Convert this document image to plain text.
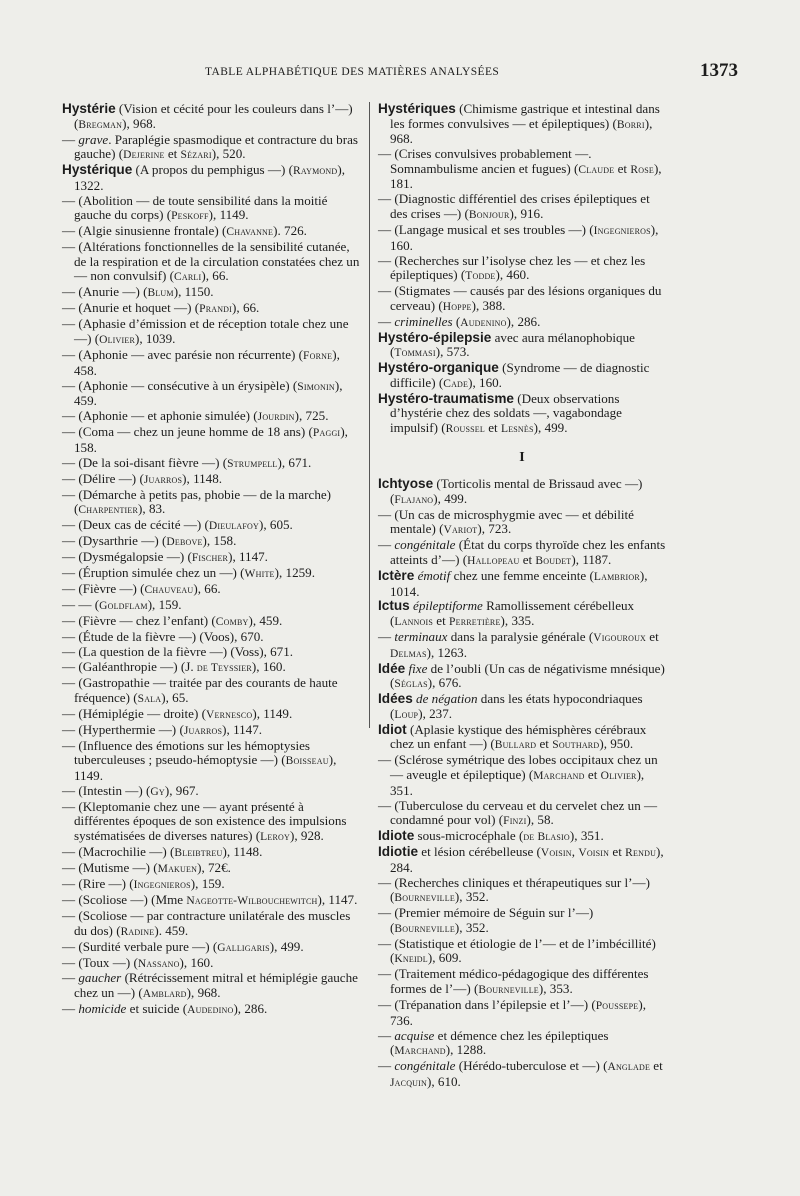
TABLE ALPHABÉTIQUE DES MATIÈRES ANALYSÉES	1373
Hystérie (Vision et cécité pour les couleurs dans l’—) (Bregman), 968.
— grave. Paraplégie spasmodique et contracture du bras gauche) (Dejerine et Sézari), 520.
Hystérique (A propos du pemphigus —) (Raymond), 1322.
— (Abolition — de toute sensibilité dans la moitié gauche du corps) (Peskoff), 1149.
— (Algie sinusienne frontale) (Chavanne). 726.
— (Altérations fonctionnelles de la sensibilité cutanée, de la respiration et de la circulation constatées chez un — non convulsif) (Carli), 66.
— (Anurie —) (Blum), 1150.
— (Anurie et hoquet —) (Prandi), 66.
— (Aphasie d’émission et de réception totale chez une —) (Olivier), 1039.
— (Aphonie — avec parésie non récurrente) (Forne), 458.
— (Aphonie — consécutive à un érysipèle) (Simonin), 459.
— (Aphonie — et aphonie simulée) (Jourdin), 725.
— (Coma — chez un jeune homme de 18 ans) (Paggi), 158.
— (De la soi-disant fièvre —) (Strumpell), 671.
— (Délire —) (Juarros), 1148.
— (Démarche à petits pas, phobie — de la marche) (Charpentier), 83.
— (Deux cas de cécité —) (Dieulafoy), 605.
— (Dysarthrie —) (Debove), 158.
— (Dysmégalopsie —) (Fischer), 1147.
— (Éruption simulée chez un —) (White), 1259.
— (Fièvre —) (Chauveau), 66.
— — (Goldflam), 159.
— (Fièvre — chez l’enfant) (Comby), 459.
— (Étude de la fièvre —) (Voos), 670.
— (La question de la fièvre —) (Voss), 671.
— (Galéanthropie —) (J. de Teyssier), 160.
— (Gastropathie — traitée par des courants de haute fréquence) (Sala), 65.
— (Hémiplégie — droite) (Vernesco), 1149.
— (Hyperthermie —) (Juarros), 1147.
— (Influence des émotions sur les hémoptysies tuberculeuses ; pseudo-hémoptysie —) (Boisseau), 1149.
— (Intestin —) (Gy), 967.
— (Kleptomanie chez une — ayant présenté à différentes époques de son existence des impulsions systématisées de diverses natures) (Leroy), 928.
— (Macrochilie —) (Bleibtreu), 1148.
— (Mutisme —) (Makuen), 72€.
— (Rire —) (Ingegnieros), 159.
— (Scoliose —) (Mme Nageotte-Wilbouchewitch), 1147.
— (Scoliose — par contracture unilatérale des muscles du dos) (Radine). 459.
— (Surdité verbale pure —) (Galligaris), 499.
— (Toux —) (Nassano), 160.
— gaucher (Rétrécissement mitral et hémiplégie gauche chez un —) (Amblard), 968.
— homicide et suicide (Audedino), 286.
Hystériques (Chimisme gastrique et intestinal dans les formes convulsives — et épileptiques) (Borri), 968.
— (Crises convulsives probablement —. Somnambulisme ancien et fugues) (Claude et Rose), 181.
— (Diagnostic différentiel des crises épileptiques et des crises —) (Bonjour), 916.
— (Langage musical et ses troubles —) (Ingegnieros), 160.
— (Recherches sur l’isolyse chez les — et chez les épileptiques) (Todde), 460.
— (Stigmates — causés par des lésions organiques du cerveau) (Hoppe), 388.
— criminelles (Audenino), 286.
Hystéro-épilepsie avec aura mélanophobique (Tommasi), 573.
Hystéro-organique (Syndrome — de diagnostic difficile) (Cade), 160.
Hystéro-traumatisme (Deux observations d’hystérie chez des soldats —, vagabondage impulsif) (Roussel et Lesnès), 499.
I
Ichtyose (Torticolis mental de Brissaud avec —) (Flajano), 499.
— (Un cas de microsphygmie avec — et débilité mentale) (Variot), 723.
— congénitale (État du corps thyroïde chez les enfants atteints d’—) (Hallopeau et Boudet), 1187.
Ictère émotif chez une femme enceinte (Lambrior), 1014.
Ictus épileptiforme Ramollissement cérébelleux (Lannois et Perretière), 335.
— terminaux dans la paralysie générale (Vigouroux et Delmas), 1263.
Idée fixe de l’oubli (Un cas de négativisme mnésique) (Séglas), 676.
Idées de négation dans les états hypocondriaques (Loup), 237.
Idiot (Aplasie kystique des hémisphères cérébraux chez un enfant —) (Bullard et Southard), 950.
— (Sclérose symétrique des lobes occipitaux chez un — aveugle et épileptique) (Marchand et Olivier), 351.
— (Tuberculose du cerveau et du cervelet chez un — condamné pour vol) (Finzi), 58.
Idiote sous-microcéphale (de Blasio), 351.
Idiotie et lésion cérébelleuse (Voisin, Voisin et Rendu), 284.
— (Recherches cliniques et thérapeutiques sur l’—) (Bourneville), 352.
— (Premier mémoire de Séguin sur l’—) (Bourneville), 352.
— (Statistique et étiologie de l’— et de l’imbécillité) (Kneidl), 609.
— (Traitement médico-pédagogique des différentes formes de l’—) (Bourneville), 353.
— (Trépanation dans l’épilepsie et l’—) (Poussepe), 736.
— acquise et démence chez les épileptiques (Marchand), 1288.
— congénitale (Hérédo-tuberculose et —) (Anglade et Jacquin), 610.
